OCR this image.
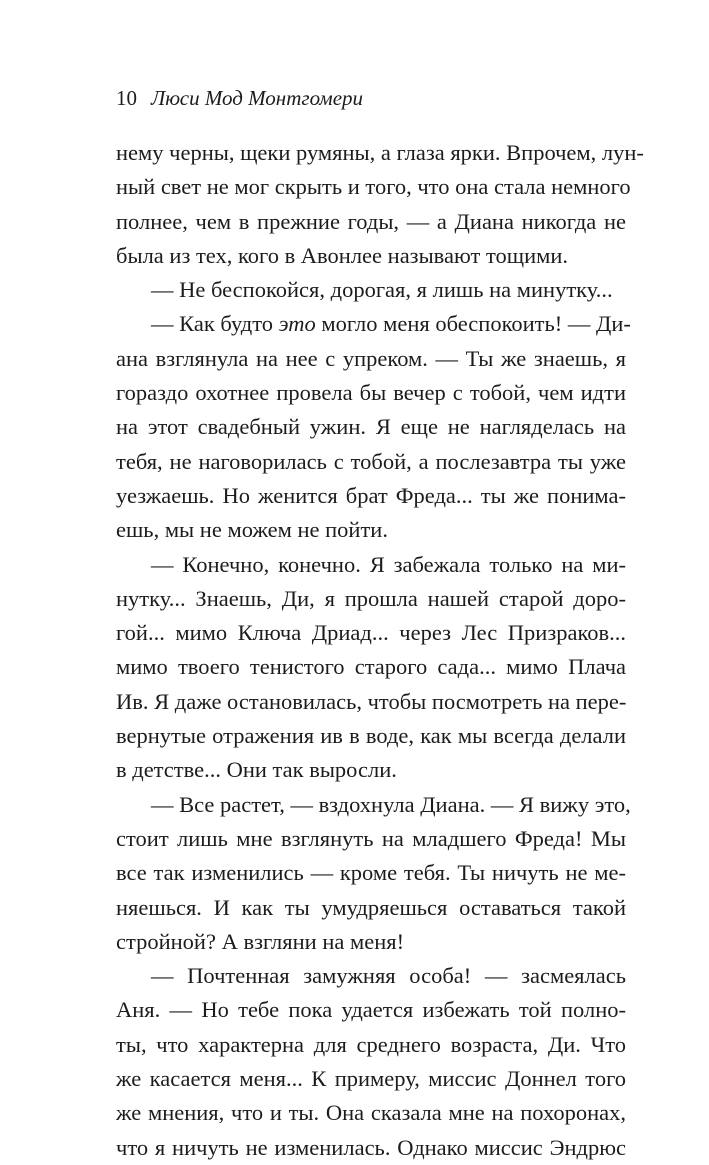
10 Люси Мод Монтгомери
нему черны, щеки румяны, а глаза ярки. Впрочем, лун-
ный свет не мог скрыть и того, что она стала немного
полнее, чем в прежние годы, — а Диана никогда не
была из тех, кого в Авонлее называют тощими.
— Не беспокойся, дорогая, я лишь на минутку...
— Как будто это могло меня обеспокоить! — Ди-
ана взглянула на нее с упреком. — Ты же знаешь, я
гораздо охотнее провела бы вечер с тобой, чем идти
на этот свадебный ужин. Я еще не нагляделась на
тебя, не наговорилась с тобой, а послезавтра ты уже
уезжаешь. Но женится брат Фреда... ты же понима-
ешь, мы не можем не пойти.
— Конечно, конечно. Я забежала только на ми-
нутку... Знаешь, Ди, я прошла нашей старой доро-
гой... мимо Ключа Дриад... через Лес Призраков...
мимо твоего тенистого старого сада... мимо Плача
Ив. Я даже остановилась, чтобы посмотреть на пере-
вернутые отражения ив в воде, как мы всегда делали
в детстве... Они так выросли.
— Все растет, — вздохнула Диана. — Я вижу это,
стоит лишь мне взглянуть на младшего Фреда! Мы
все так изменились — кроме тебя. Ты ничуть не ме-
няешься. И как ты умудряешься оставаться такой
стройной? А взгляни на меня!
— Почтенная замужняя особа! — засмеялась
Аня. — Но тебе пока удается избежать той полно-
ты, что характерна для среднего возраста, Ди. Что
же касается меня... К примеру, миссис Доннел того
же мнения, что и ты. Она сказала мне на похоронах,
что я ничуть не изменилась. Однако миссис Эндрюс
